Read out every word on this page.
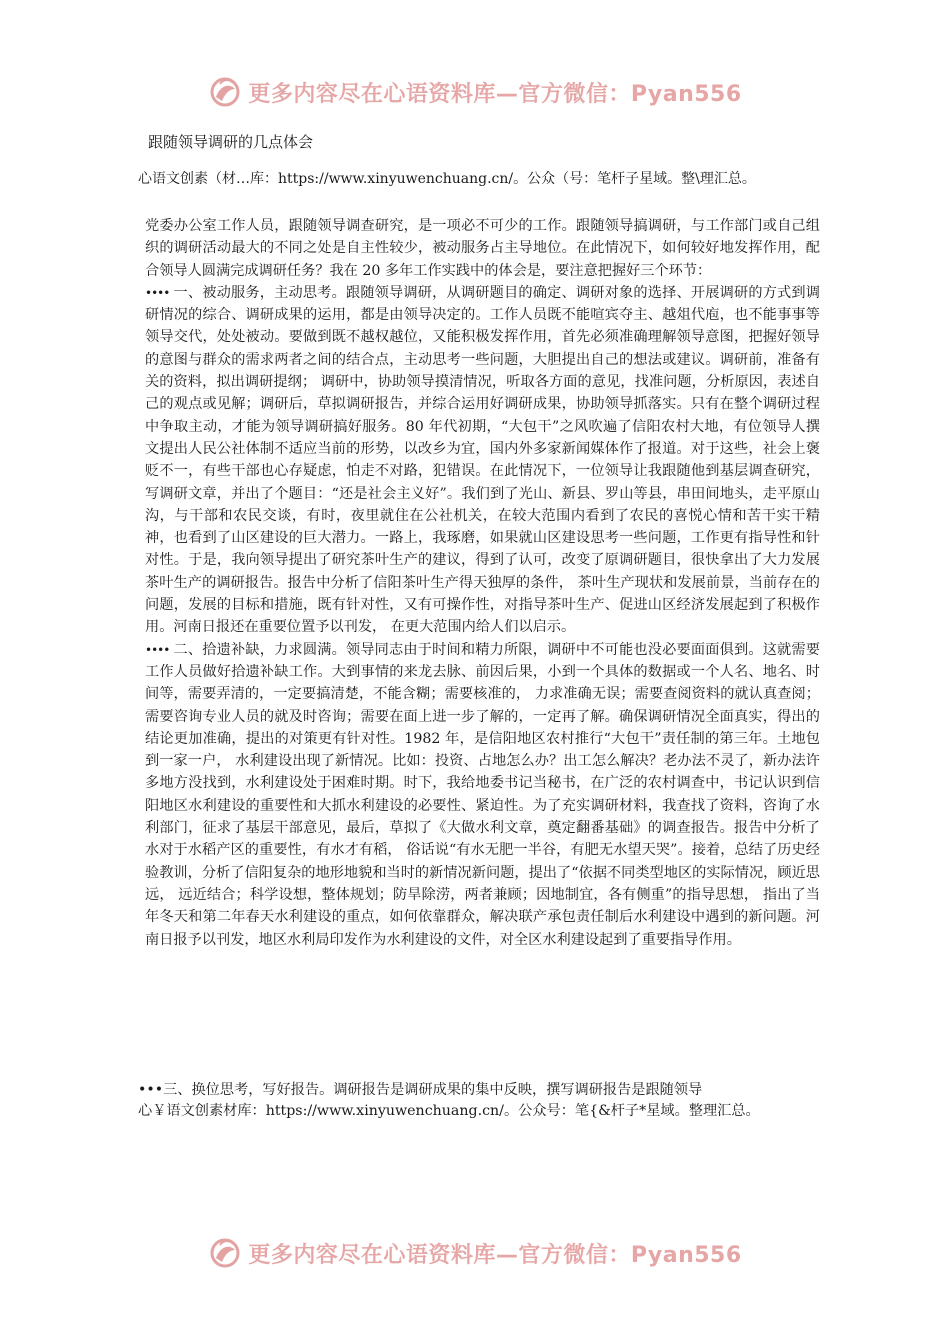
更多内容尽在心语资料库—官方微信：Pyan556
跟随领导调研的几点体会
心语文创素（材…库：https://www.xinyuwenchuang.cn/。公众（号：笔杆子星域。整\理汇总。

党委办公室工作人员，跟随领导调查研究，是一项必不可少的工作。跟随领导搞调研，与工作部门或自己组织的调研活动最大的不同之处是自主性较少，被动服务占主导地位。在此情况下，如何较好地发挥作用，配合领导人圆满完成调研任务？我在 20 多年工作实践中的体会是，要注意把握好三个环节：

•••• 一、被动服务，主动思考。跟随领导调研，从调研题目的确定、调研对象的选择、开展调研的方式到调研情况的综合、调研成果的运用，都是由领导决定的。工作人员既不能喧宾夺主、越俎代庖，也不能事事等领导交代，处处被动。要做到既不越权越位，又能积极发挥作用，首先必须准确理解领导意图，把握好领导的意图与群众的需求两者之间的结合点，主动思考一些问题，大胆提出自己的想法或建议。调研前，准备有关的资料，拟出调研提纲； 调研中，协助领导摸清情况，听取各方面的意见，找准问题，分析原因，表述自己的观点或见解；调研后，草拟调研报告，并综合运用好调研成果，协助领导抓落实。只有在整个调研过程中争取主动，才能为领导调研搞好服务。80 年代初期，“大包干”之风吹遍了信阳农村大地，有位领导人撰文提出人民公社体制不适应当前的形势，以改乡为宜，国内外多家新闻媒体作了报道。对于这些，社会上褒贬不一，有些干部也心存疑虑，怕走不对路，犯错误。在此情况下，一位领导让我跟随他到基层调查研究，写调研文章，并出了个题目：“还是社会主义好”。我们到了光山、新县、罗山等县，串田间地头，走平原山沟，与干部和农民交谈，有时，夜里就住在公社机关，在较大范围内看到了农民的喜悦心情和苦干实干精神，也看到了山区建设的巨大潜力。一路上，我琢磨，如果就山区建设思考一些问题，工作更有指导性和针对性。于是，我向领导提出了研究茶叶生产的建议，得到了认可，改变了原调研题目，很快拿出了大力发展茶叶生产的调研报告。报告中分析了信阳茶叶生产得天独厚的条件， 茶叶生产现状和发展前景，当前存在的问题，发展的目标和措施，既有针对性，又有可操作性，对指导茶叶生产、促进山区经济发展起到了积极作用。河南日报还在重要位置予以刊发， 在更大范围内给人们以启示。

•••• 二、拾遗补缺，力求圆满。领导同志由于时间和精力所限，调研中不可能也没必要面面俱到。这就需要工作人员做好拾遗补缺工作。大到事情的来龙去脉、前因后果，小到一个具体的数据或一个人名、地名、时间等，需要弄清的，一定要搞清楚，不能含糊；需要核准的， 力求准确无误；需要查阅资料的就认真查阅；需要咨询专业人员的就及时咨询；需要在面上进一步了解的，一定再了解。确保调研情况全面真实，得出的结论更加准确，提出的对策更有针对性。1982 年，是信阳地区农村推行“大包干”责任制的第三年。土地包到一家一户， 水利建设出现了新情况。比如：投资、占地怎么办？出工怎么解决？老办法不灵了，新办法许多地方没找到，水利建设处于困难时期。时下，我给地委书记当秘书，在广泛的农村调查中，书记认识到信阳地区水利建设的重要性和大抓水利建设的必要性、紧迫性。为了充实调研材料，我查找了资料，咨询了水利部门，征求了基层干部意见，最后，草拟了《大做水利文章，奠定翻番基础》的调查报告。报告中分析了水对于水稻产区的重要性，有水才有稻， 俗话说“有水无肥一半谷，有肥无水望天哭”。接着，总结了历史经验教训，分析了信阳复杂的地形地貌和当时的新情况新问题，提出了“依据不同类型地区的实际情况，顾近思远， 远近结合；科学设想，整体规划；防旱除涝，两者兼顾；因地制宜，各有侧重”的指导思想， 指出了当年冬天和第二年春天水利建设的重点，如何依靠群众，解决联产承包责任制后水利建设中遇到的新问题。河南日报予以刊发，地区水利局印发作为水利建设的文件，对全区水利建设起到了重要指导作用。

•••三、换位思考，写好报告。调研报告是调研成果的集中反映，撰写调研报告是跟随领导

心￥语文创素材库：https://www.xinyuwenchuang.cn/。公众号：笔{&杆子*星域。整理汇总。

更多内容尽在心语资料库—官方微信：Pyan556
